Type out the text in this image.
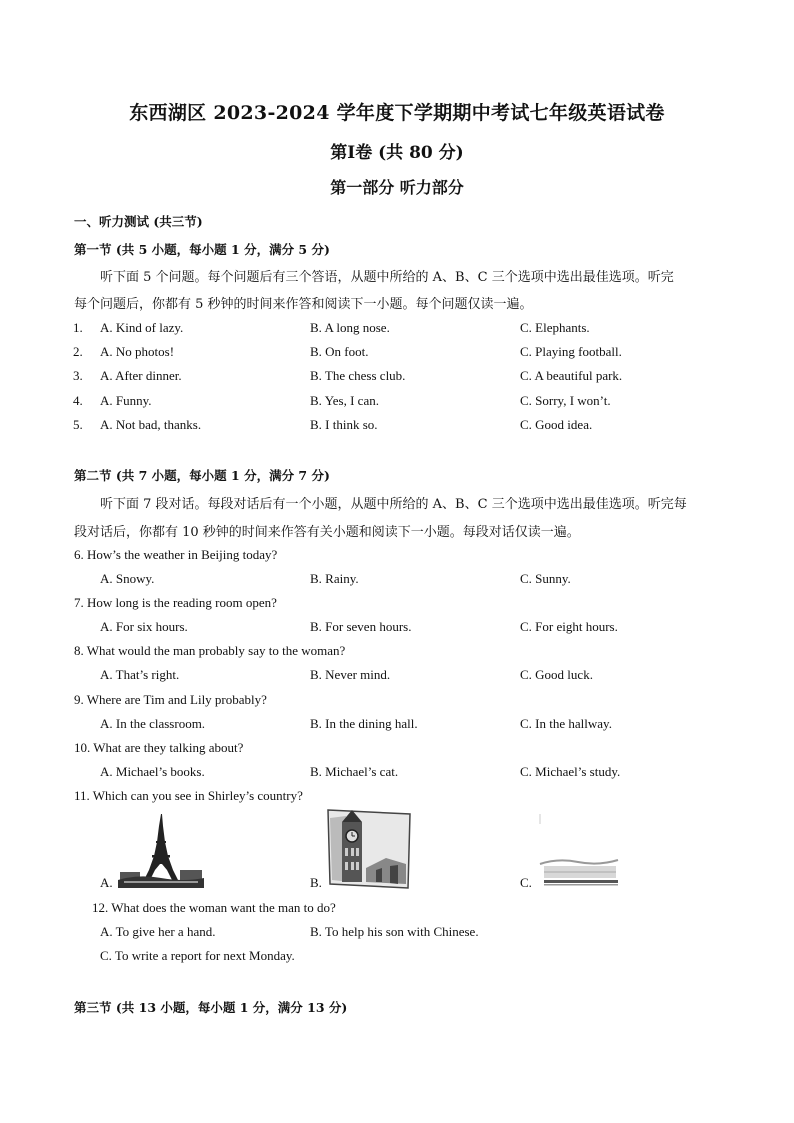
东西湖区 2023-2024 学年度下学期期中考试七年级英语试卷
第Ⅰ卷 (共 80 分)
第一部分 听力部分
一、听力测试 (共三节)
第一节 (共 5 小题，每小题 1 分，满分 5 分)
听下面 5 个问题。每个问题后有三个答语，从题中所给的 A、B、C 三个选项中选出最佳选项。听完
每个问题后，你都有 5 秒钟的时间来作答和阅读下一小题。每个问题仅读一遍。
1. A. Kind of lazy.	B. A long nose.	C. Elephants.
2. A. No photos!	B. On foot.	C. Playing football.
3. A. After dinner.	B. The chess club.	C. A beautiful park.
4. A. Funny.	B. Yes, I can.	C. Sorry, I won’t.
5. A. Not bad, thanks.	B. I think so.	C. Good idea.
第二节 (共 7 小题，每小题 1 分，满分 7 分)
听下面 7 段对话。每段对话后有一个小题，从题中所给的 A、B、C 三个选项中选出最佳选项。听完每
段对话后，你都有 10 秒钟的时间来作答有关小题和阅读下一小题。每段对话仅读一遍。
6. How’s the weather in Beijing today?
A. Snowy.	B. Rainy.	C. Sunny.
7. How long is the reading room open?
A. For six hours.	B. For seven hours.	C. For eight hours.
8. What would the man probably say to the woman?
A. That’s right.	B. Never mind.	C. Good luck.
9. Where are Tim and Lily probably?
A. In the classroom.	B. In the dining hall.	C. In the hallway.
10. What are they talking about?
A. Michael’s books.	B. Michael’s cat.	C. Michael’s study.
11. Which can you see in Shirley’s country?
A.	B.	C.
12. What does the woman want the man to do?
A. To give her a hand.	B. To help his son with Chinese.
C. To write a report for next Monday.
第三节 (共 13 小题，每小题 1 分，满分 13 分)
